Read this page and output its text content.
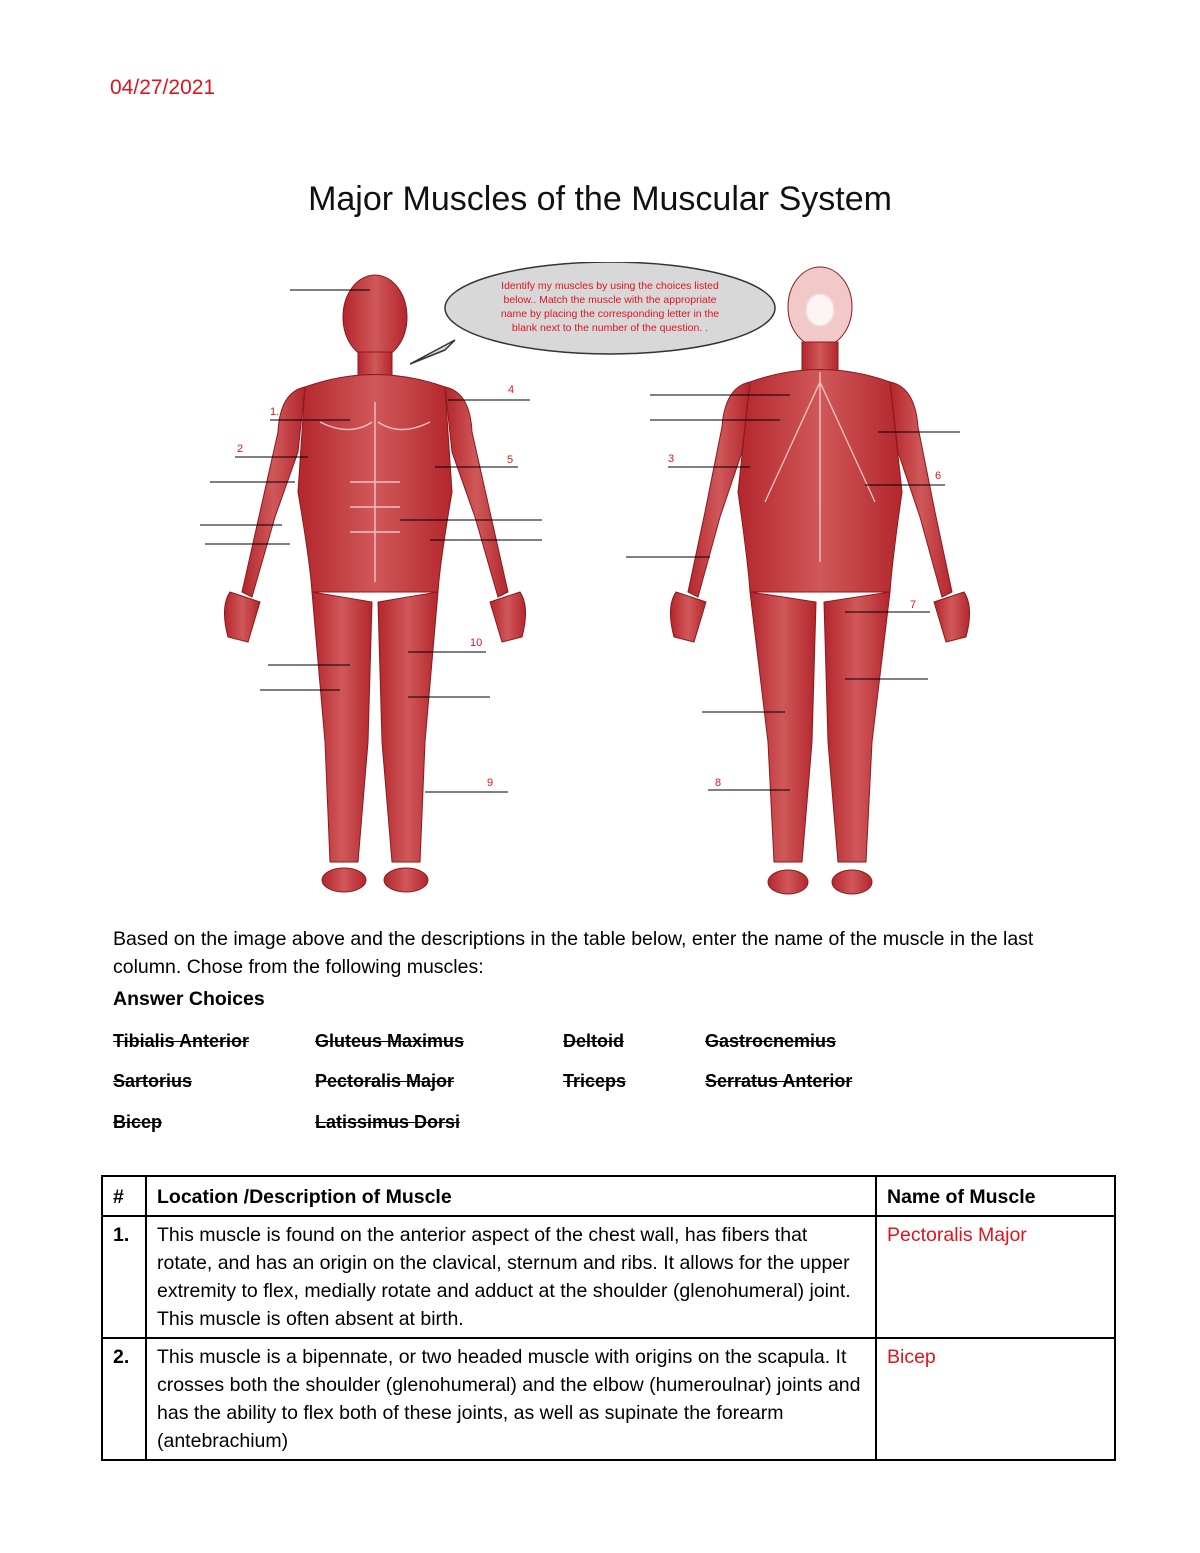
04/27/2021
Major Muscles of the Muscular System
Identify my muscles by using the choices listed
below.. Match the muscle with the appropriate
name by placing the corresponding letter in the
blank next to the number of the question. .
1.
2
4
5
10
9
3
6
7
8
Based on the image above and the descriptions in the table below, enter the name of the muscle in the last column. Chose from the following muscles:
Answer Choices
Tibialis Anterior	Gluteus Maximus	Deltoid	Gastrocnemius
Sartorius	Pectoralis Major	Triceps	Serratus Anterior
Bicep	Latissimus Dorsi
#	Location /Description of Muscle	Name of Muscle
1.	This muscle is found on the anterior aspect of the chest wall, has fibers that rotate, and has an origin on the clavical, sternum and ribs. It allows for the upper extremity to flex, medially rotate and adduct at the shoulder (glenohumeral) joint. This muscle is often absent at birth.	Pectoralis Major
2.	This muscle is a bipennate, or two headed muscle with origins on the scapula. It crosses both the shoulder (glenohumeral) and the elbow (humeroulnar) joints and has the ability to flex both of these joints, as well as supinate the forearm (antebrachium)	Bicep
